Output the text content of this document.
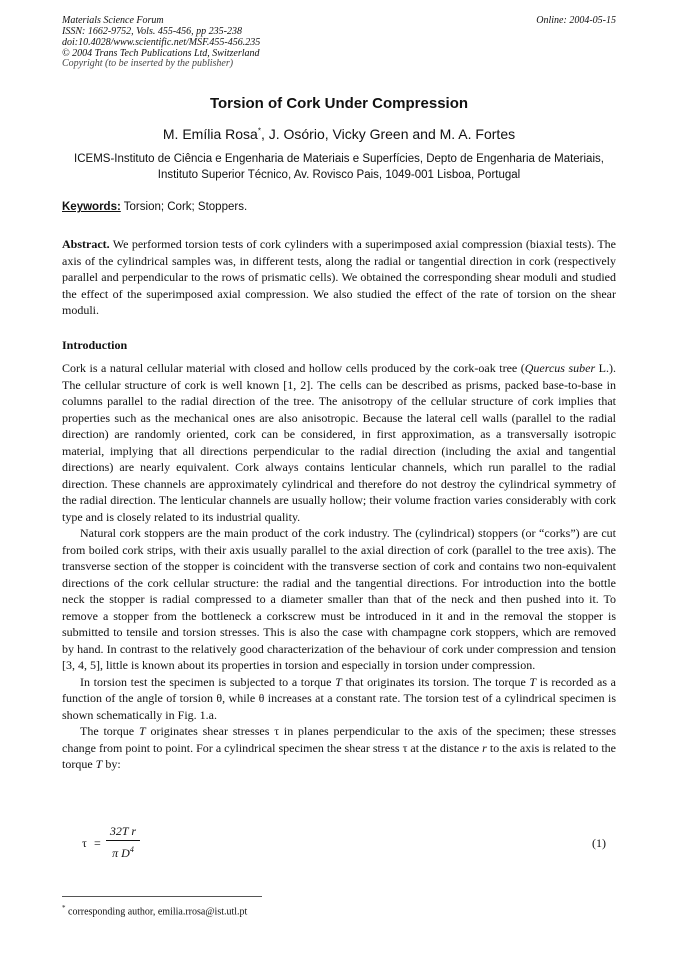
Materials Science Forum
ISSN: 1662-9752, Vols. 455-456, pp 235-238
doi:10.4028/www.scientific.net/MSF.455-456.235
© 2004 Trans Tech Publications Ltd, Switzerland
Copyright (to be inserted by the publisher)
Online: 2004-05-15
Torsion of Cork Under Compression
M. Emília Rosa*, J. Osório, Vicky Green and M. A. Fortes
ICEMS-Instituto de Ciência e Engenharia de Materiais e Superfícies, Depto de Engenharia de Materiais, Instituto Superior Técnico, Av. Rovisco Pais, 1049-001 Lisboa, Portugal
Keywords: Torsion; Cork; Stoppers.
Abstract. We performed torsion tests of cork cylinders with a superimposed axial compression (biaxial tests). The axis of the cylindrical samples was, in different tests, along the radial or tangential direction in cork (respectively parallel and perpendicular to the rows of prismatic cells). We obtained the corresponding shear moduli and studied the effect of the superimposed axial compression. We also studied the effect of the rate of torsion on the shear moduli.
Introduction

Cork is a natural cellular material with closed and hollow cells produced by the cork-oak tree (Quercus suber L.). The cellular structure of cork is well known [1, 2]. The cells can be described as prisms, packed base-to-base in columns parallel to the radial direction of the tree. The anisotropy of the cellular structure of cork implies that properties such as the mechanical ones are also anisotropic. Because the lateral cell walls (parallel to the radial direction) are randomly oriented, cork can be considered, in first approximation, as a transversally isotropic material, implying that all directions perpendicular to the radial direction (including the axial and tangential directions) are nearly equivalent. Cork always contains lenticular channels, which run parallel to the radial direction. These channels are approximately cylindrical and therefore do not destroy the cylindrical symmetry of the radial direction. The lenticular channels are usually hollow; their volume fraction varies considerably with cork type and is closely related to its industrial quality.

Natural cork stoppers are the main product of the cork industry. The (cylindrical) stoppers (or “corks”) are cut from boiled cork strips, with their axis usually parallel to the axial direction of cork (parallel to the tree axis). The transverse section of the stopper is coincident with the transverse section of cork and contains two non-equivalent directions of the cork cellular structure: the radial and the tangential directions. For introduction into the bottle neck the stopper is radial compressed to a diameter smaller than that of the neck and then pushed into it. To remove a stopper from the bottleneck a corkscrew must be introduced in it and in the removal the stopper is submitted to tensile and torsion stresses. This is also the case with champagne cork stoppers, which are removed by hand. In contrast to the relatively good characterization of the behaviour of cork under compression and tension [3, 4, 5], little is known about its properties in torsion and especially in torsion under compression.

In torsion test the specimen is subjected to a torque T that originates its torsion. The torque T is recorded as a function of the angle of torsion θ, while θ increases at a constant rate. The torsion test of a cylindrical specimen is shown schematically in Fig. 1.a.

The torque T originates shear stresses τ in planes perpendicular to the axis of the specimen; these stresses change from point to point. For a cylindrical specimen the shear stress τ at the distance r to the axis is related to the torque T by:

τ =
32T r
π $D^4$	(1)
* corresponding author, emilia.rrosa@ist.utl.pt
